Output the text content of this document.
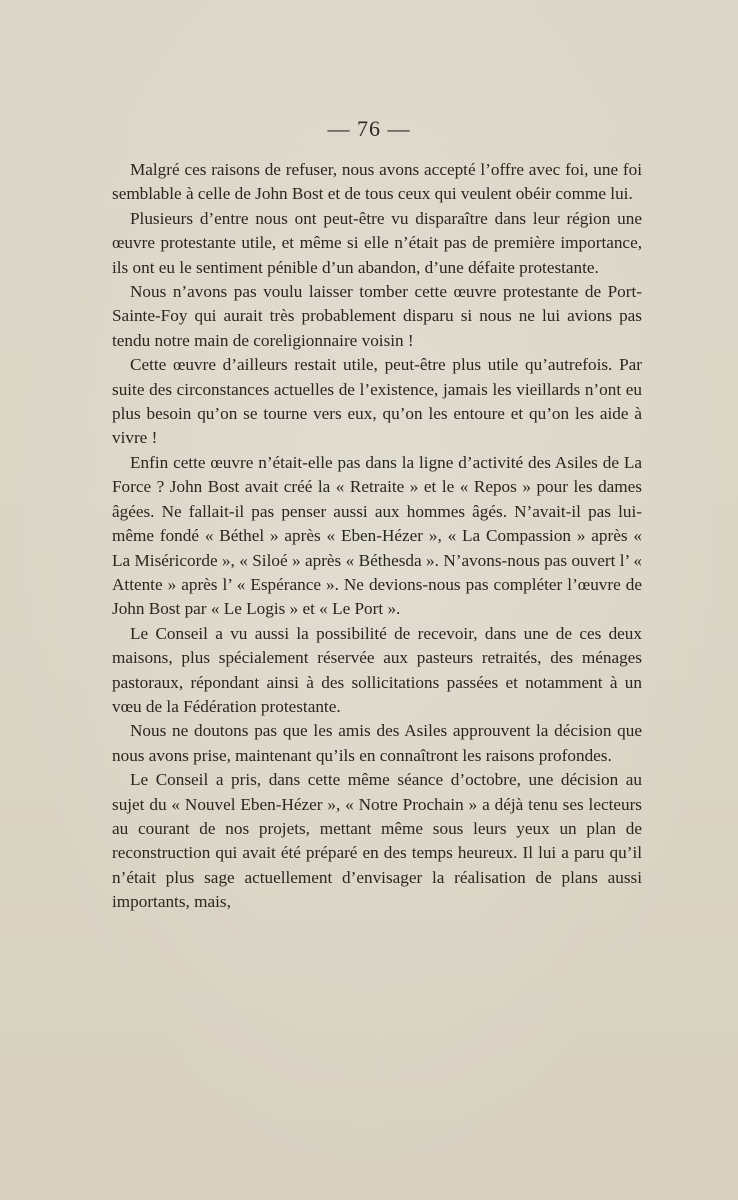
— 76 —

Malgré ces raisons de refuser, nous avons accepté l’offre avec foi, une foi semblable à celle de John Bost et de tous ceux qui veulent obéir comme lui.

Plusieurs d’entre nous ont peut-être vu disparaître dans leur région une œuvre protestante utile, et même si elle n’était pas de première importance, ils ont eu le sentiment pénible d’un abandon, d’une défaite protestante.

Nous n’avons pas voulu laisser tomber cette œuvre protestante de Port-Sainte-Foy qui aurait très probablement disparu si nous ne lui avions pas tendu notre main de coreligionnaire voisin !

Cette œuvre d’ailleurs restait utile, peut-être plus utile qu’autrefois. Par suite des circonstances actuelles de l’existence, jamais les vieillards n’ont eu plus besoin qu’on se tourne vers eux, qu’on les entoure et qu’on les aide à vivre !

Enfin cette œuvre n’était-elle pas dans la ligne d’activité des Asiles de La Force ? John Bost avait créé la « Retraite » et le « Repos » pour les dames âgées. Ne fallait-il pas penser aussi aux hommes âgés. N’avait-il pas lui-même fondé « Béthel » après « Eben-Hézer », « La Compassion » après « La Miséricorde », « Siloé » après « Béthesda ». N’avons-nous pas ouvert l’ « Attente » après l’ « Espérance ». Ne devions-nous pas compléter l’œuvre de John Bost par « Le Logis » et « Le Port ».

Le Conseil a vu aussi la possibilité de recevoir, dans une de ces deux maisons, plus spécialement réservée aux pasteurs retraités, des ménages pastoraux, répondant ainsi à des sollicitations passées et notamment à un vœu de la Fédération protestante.

Nous ne doutons pas que les amis des Asiles approuvent la décision que nous avons prise, maintenant qu’ils en connaîtront les raisons profondes.

Le Conseil a pris, dans cette même séance d’octobre, une décision au sujet du « Nouvel Eben-Hézer », « Notre Prochain » a déjà tenu ses lecteurs au courant de nos projets, mettant même sous leurs yeux un plan de reconstruction qui avait été préparé en des temps heureux. Il lui a paru qu’il n’était plus sage actuellement d’envisager la réalisation de plans aussi importants, mais,
